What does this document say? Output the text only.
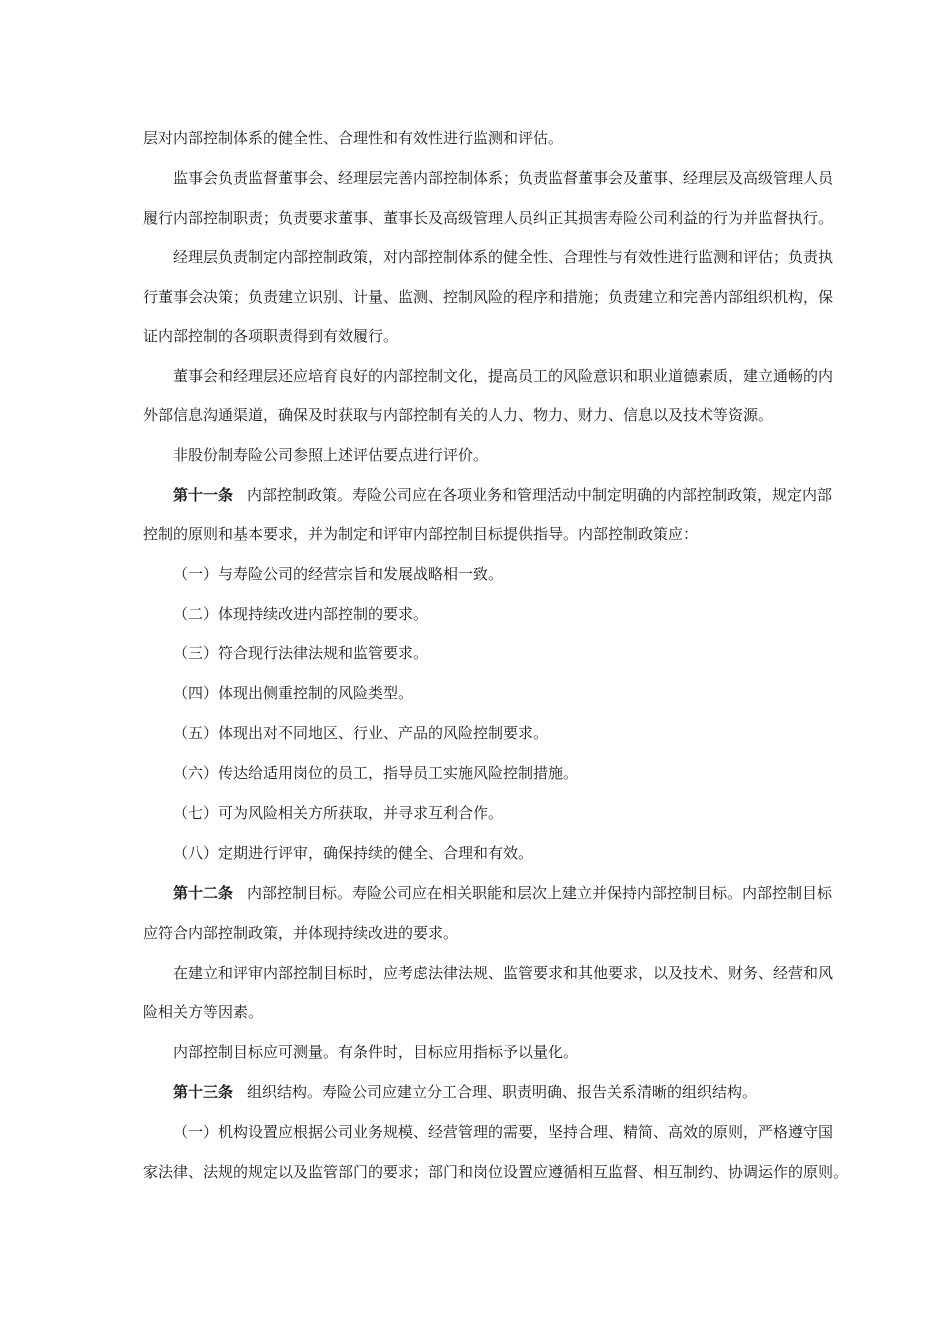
层对内部控制体系的健全性、合理性和有效性进行监测和评估。
监事会负责监督董事会、经理层完善内部控制体系；负责监督董事会及董事、经理层及高级管理人员
履行内部控制职责；负责要求董事、董事长及高级管理人员纠正其损害寿险公司利益的行为并监督执行。
经理层负责制定内部控制政策，对内部控制体系的健全性、合理性与有效性进行监测和评估；负责执
行董事会决策；负责建立识别、计量、监测、控制风险的程序和措施；负责建立和完善内部组织机构，保
证内部控制的各项职责得到有效履行。
董事会和经理层还应培育良好的内部控制文化，提高员工的风险意识和职业道德素质，建立通畅的内
外部信息沟通渠道，确保及时获取与内部控制有关的人力、物力、财力、信息以及技术等资源。
非股份制寿险公司参照上述评估要点进行评价。
第十一条 内部控制政策。寿险公司应在各项业务和管理活动中制定明确的内部控制政策，规定内部
控制的原则和基本要求，并为制定和评审内部控制目标提供指导。内部控制政策应：
（一）与寿险公司的经营宗旨和发展战略相一致。
（二）体现持续改进内部控制的要求。
（三）符合现行法律法规和监管要求。
（四）体现出侧重控制的风险类型。
（五）体现出对不同地区、行业、产品的风险控制要求。
（六）传达给适用岗位的员工，指导员工实施风险控制措施。
（七）可为风险相关方所获取，并寻求互利合作。
（八）定期进行评审，确保持续的健全、合理和有效。
第十二条 内部控制目标。寿险公司应在相关职能和层次上建立并保持内部控制目标。内部控制目标
应符合内部控制政策，并体现持续改进的要求。
在建立和评审内部控制目标时，应考虑法律法规、监管要求和其他要求，以及技术、财务、经营和风
险相关方等因素。
内部控制目标应可测量。有条件时，目标应用指标予以量化。
第十三条 组织结构。寿险公司应建立分工合理、职责明确、报告关系清晰的组织结构。
（一）机构设置应根据公司业务规模、经营管理的需要，坚持合理、精简、高效的原则，严格遵守国
家法律、法规的规定以及监管部门的要求；部门和岗位设置应遵循相互监督、相互制约、协调运作的原则。
